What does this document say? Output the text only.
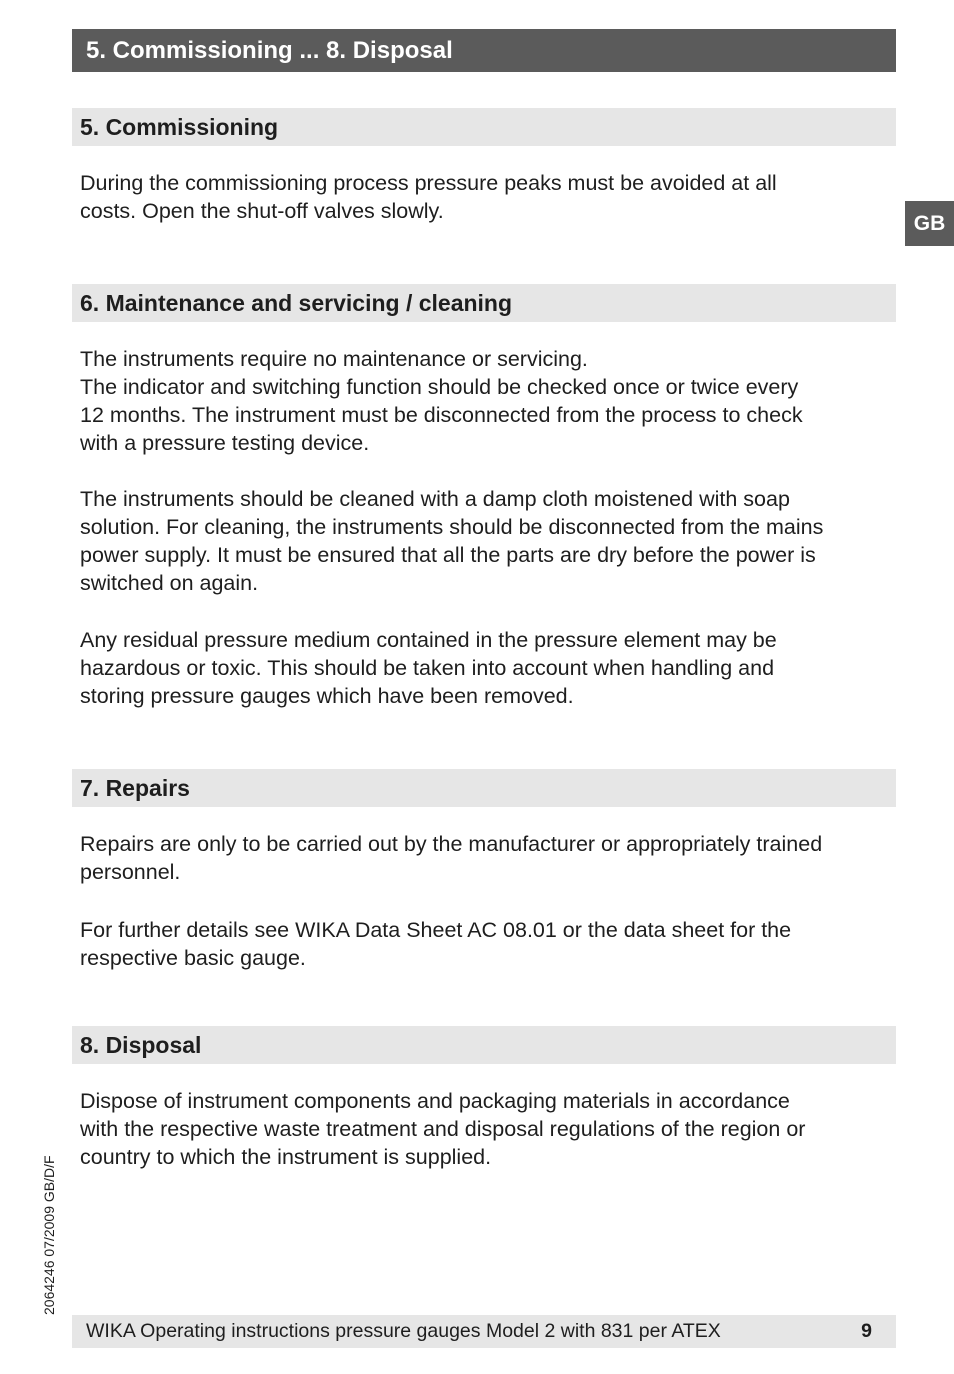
5. Commissioning ... 8. Disposal
GB
5. Commissioning

During the commissioning process pressure peaks must be avoided at all
costs. Open the shut-off valves slowly.

6. Maintenance and servicing / cleaning

The instruments require no maintenance or servicing.
The indicator and switching function should be checked once or twice every
12 months. The instrument must be disconnected from the process to check
with a pressure testing device.

The instruments should be cleaned with a damp cloth moistened with soap
solution. For cleaning, the instruments should be disconnected from the mains
power supply. It must be ensured that all the parts are dry before the power is
switched on again.

Any residual pressure medium contained in the pressure element may be
hazardous or toxic. This should be taken into account when handling and
storing pressure gauges which have been removed.

7. Repairs

Repairs are only to be carried out by the manufacturer or appropriately trained
personnel.

For further details see WIKA Data Sheet AC 08.01 or the data sheet for the
respective basic gauge.

8. Disposal

Dispose of instrument components and packaging materials in accordance
with the respective waste treatment and disposal regulations of the region or
country to which the instrument is supplied.

2064246 07/2009 GB/D/F
WIKA Operating instructions pressure gauges Model 2 with 831 per ATEX	9
